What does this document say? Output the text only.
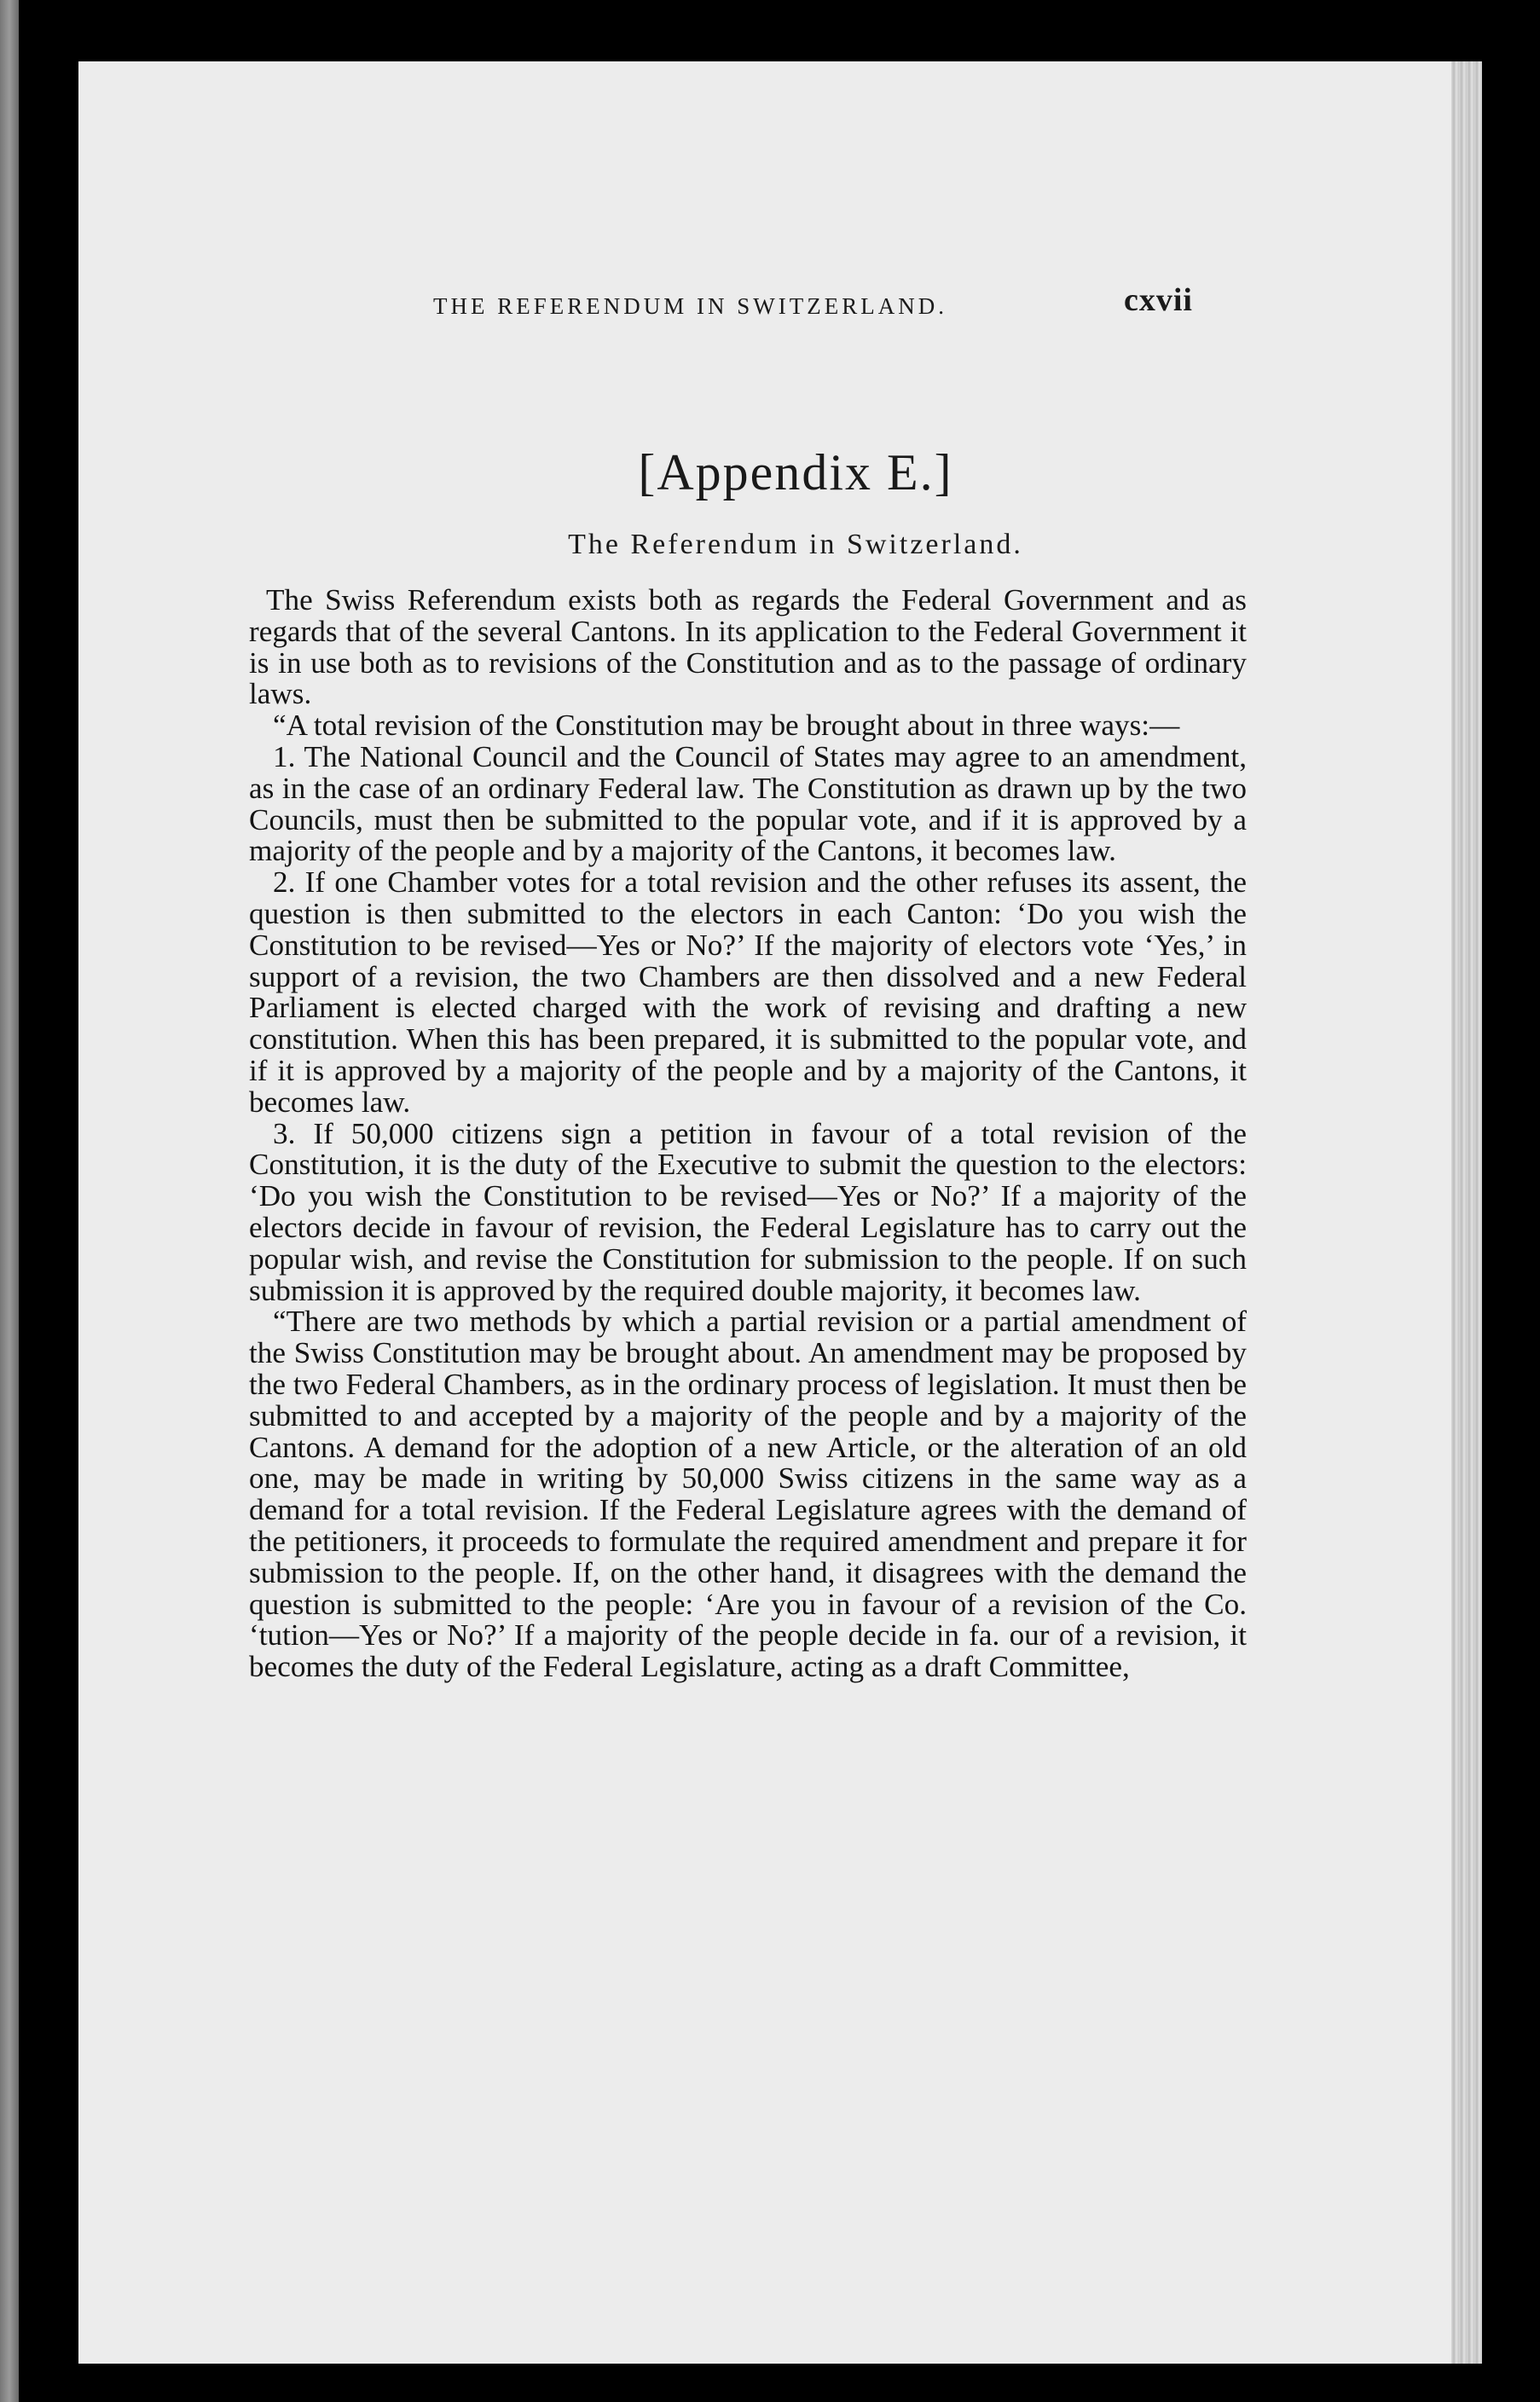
THE REFERENDUM IN SWITZERLAND.	cxvii
[Appendix E.]
The Referendum in Switzerland.

The Swiss Referendum exists both as regards the Federal Government and as regards that of the several Cantons. In its application to the Federal Government it is in use both as to revisions of the Constitution and as to the passage of ordinary laws.

“A total revision of the Constitution may be brought about in three ways:—

1. The National Council and the Council of States may agree to an amendment, as in the case of an ordinary Federal law. The Constitution as drawn up by the two Councils, must then be submitted to the popular vote, and if it is approved by a majority of the people and by a majority of the Cantons, it becomes law.

2. If one Chamber votes for a total revision and the other refuses its assent, the question is then submitted to the electors in each Canton: ‘Do you wish the Constitution to be revised—Yes or No?’ If the majority of electors vote ‘Yes,’ in support of a revision, the two Chambers are then dissolved and a new Federal Parliament is elected charged with the work of revising and drafting a new constitution. When this has been prepared, it is submitted to the popular vote, and if it is approved by a majority of the people and by a majority of the Cantons, it becomes law.

3. If 50,000 citizens sign a petition in favour of a total revision of the Constitution, it is the duty of the Executive to submit the question to the electors: ‘Do you wish the Constitution to be revised—Yes or No?’ If a majority of the electors decide in favour of revision, the Federal Legislature has to carry out the popular wish, and revise the Constitution for submission to the people. If on such submission it is approved by the required double majority, it becomes law.

“There are two methods by which a partial revision or a partial amendment of the Swiss Constitution may be brought about. An amendment may be proposed by the two Federal Chambers, as in the ordinary process of legislation. It must then be submitted to and accepted by a majority of the people and by a majority of the Cantons. A demand for the adoption of a new Article, or the alteration of an old one, may be made in writing by 50,000 Swiss citizens in the same way as a demand for a total revision. If the Federal Legislature agrees with the demand of the petitioners, it proceeds to formulate the required amendment and prepare it for submission to the people. If, on the other hand, it disagrees with the demand the question is submitted to the people: ‘Are you in favour of a revision of the Co. ‘tution—Yes or No?’ If a majority of the people decide in fa. our of a revision, it becomes the duty of the Federal Legislature, acting as a draft Committee,
